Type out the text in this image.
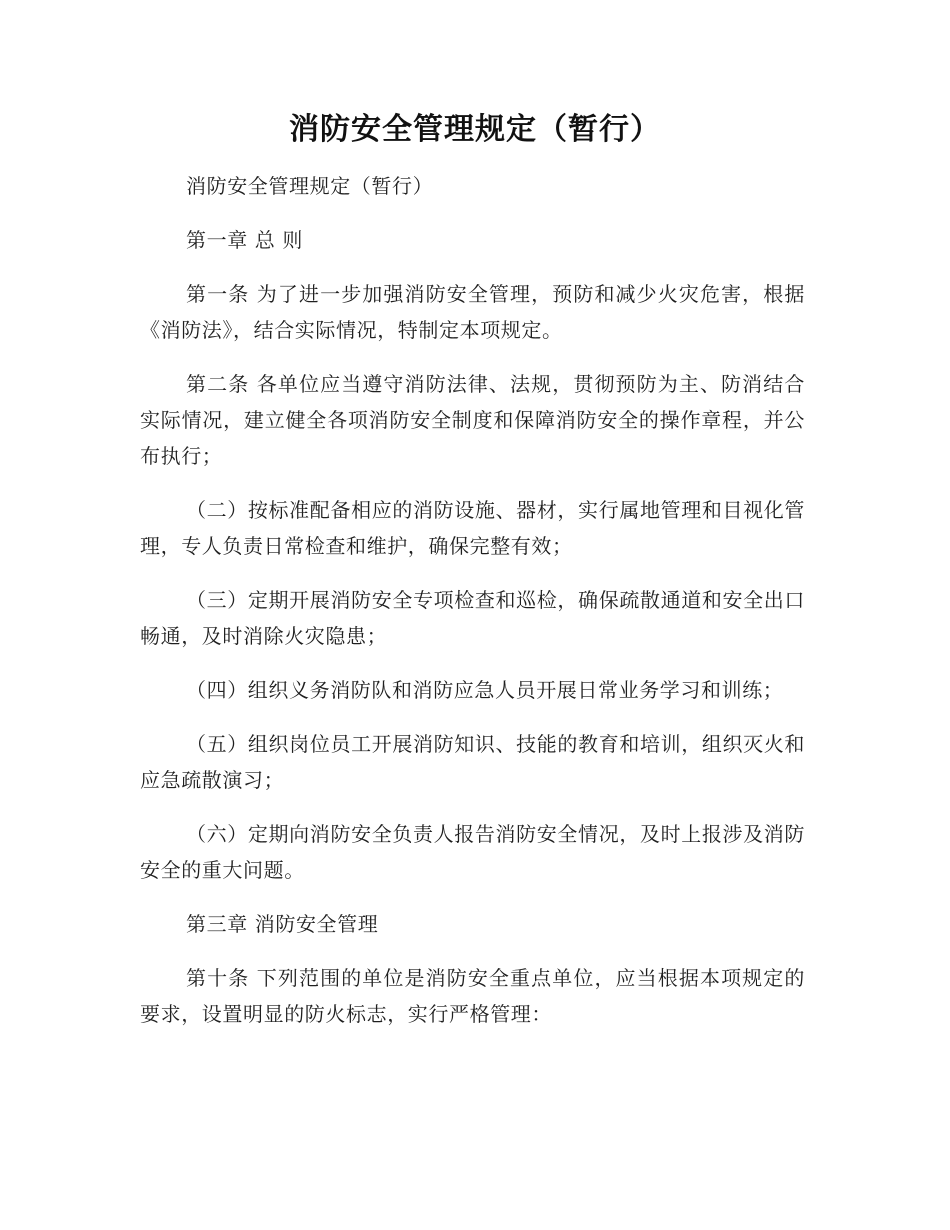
消防安全管理规定（暂行）

消防安全管理规定（暂行）

第一章 总 则

第一条 为了进一步加强消防安全管理，预防和减少火灾危害，根据《消防法》，结合实际情况，特制定本项规定。

第二条 各单位应当遵守消防法律、法规，贯彻预防为主、防消结合实际情况，建立健全各项消防安全制度和保障消防安全的操作章程，并公布执行；

（二）按标准配备相应的消防设施、器材，实行属地管理和目视化管理，专人负责日常检查和维护，确保完整有效；

（三）定期开展消防安全专项检查和巡检，确保疏散通道和安全出口畅通，及时消除火灾隐患；

（四）组织义务消防队和消防应急人员开展日常业务学习和训练；

（五）组织岗位员工开展消防知识、技能的教育和培训，组织灭火和应急疏散演习；

（六）定期向消防安全负责人报告消防安全情况，及时上报涉及消防安全的重大问题。

第三章 消防安全管理

第十条 下列范围的单位是消防安全重点单位，应当根据本项规定的要求，设置明显的防火标志，实行严格管理：
